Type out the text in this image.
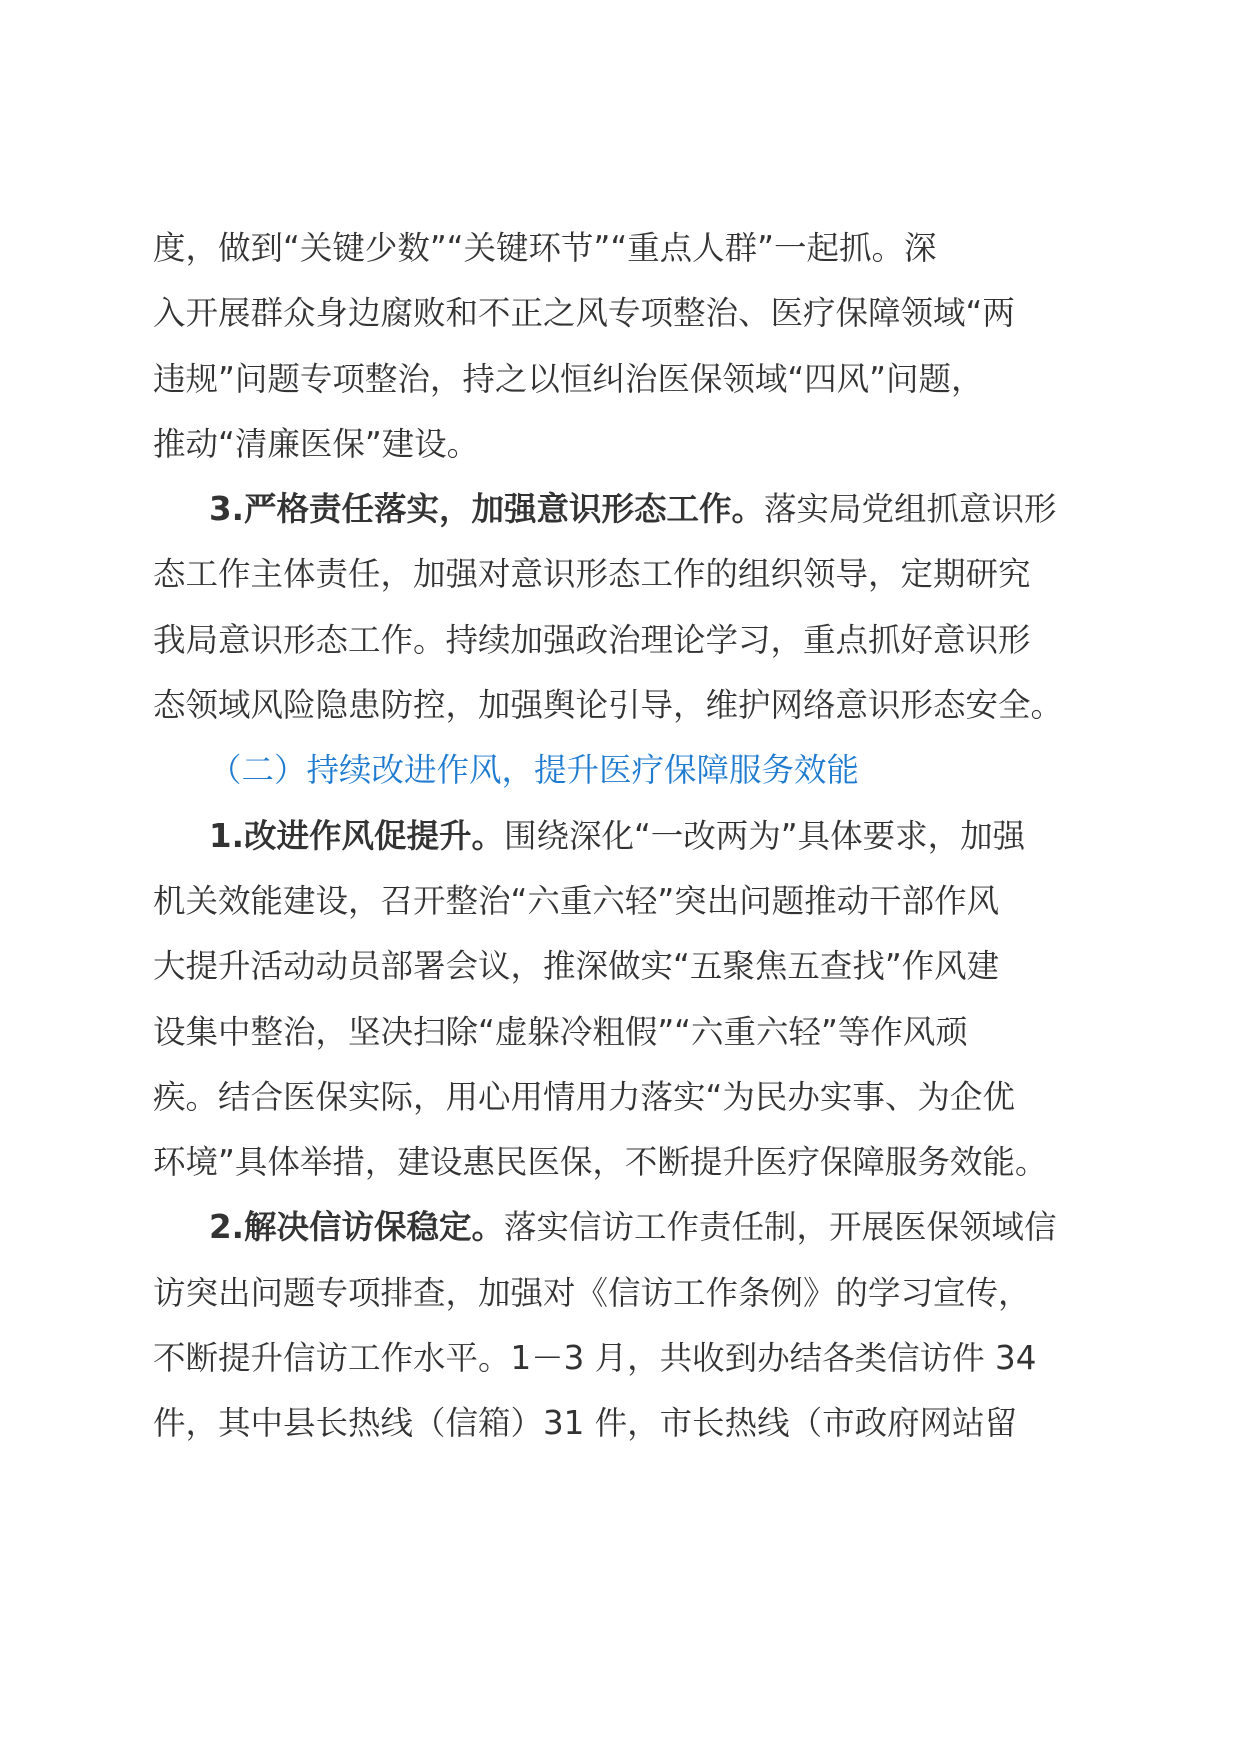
度，做到“关键少数”“关键环节”“重点人群”一起抓。深
入开展群众身边腐败和不正之风专项整治、医疗保障领域“两
违规”问题专项整治，持之以恒纠治医保领域“四风”问题，
推动“清廉医保”建设。
3.严格责任落实，加强意识形态工作。落实局党组抓意识形
态工作主体责任，加强对意识形态工作的组织领导，定期研究
我局意识形态工作。持续加强政治理论学习，重点抓好意识形
态领域风险隐患防控，加强舆论引导，维护网络意识形态安全。
（二）持续改进作风，提升医疗保障服务效能
1.改进作风促提升。围绕深化“一改两为”具体要求，加强
机关效能建设，召开整治“六重六轻”突出问题推动干部作风
大提升活动动员部署会议，推深做实“五聚焦五查找”作风建
设集中整治，坚决扫除“虚躲冷粗假”“六重六轻”等作风顽
疾。结合医保实际，用心用情用力落实“为民办实事、为企优
环境”具体举措，建设惠民医保，不断提升医疗保障服务效能。
2.解决信访保稳定。落实信访工作责任制，开展医保领域信
访突出问题专项排查，加强对《信访工作条例》的学习宣传，
不断提升信访工作水平。1－3 月，共收到办结各类信访件 34
件，其中县长热线（信箱）31 件，市长热线（市政府网站留
